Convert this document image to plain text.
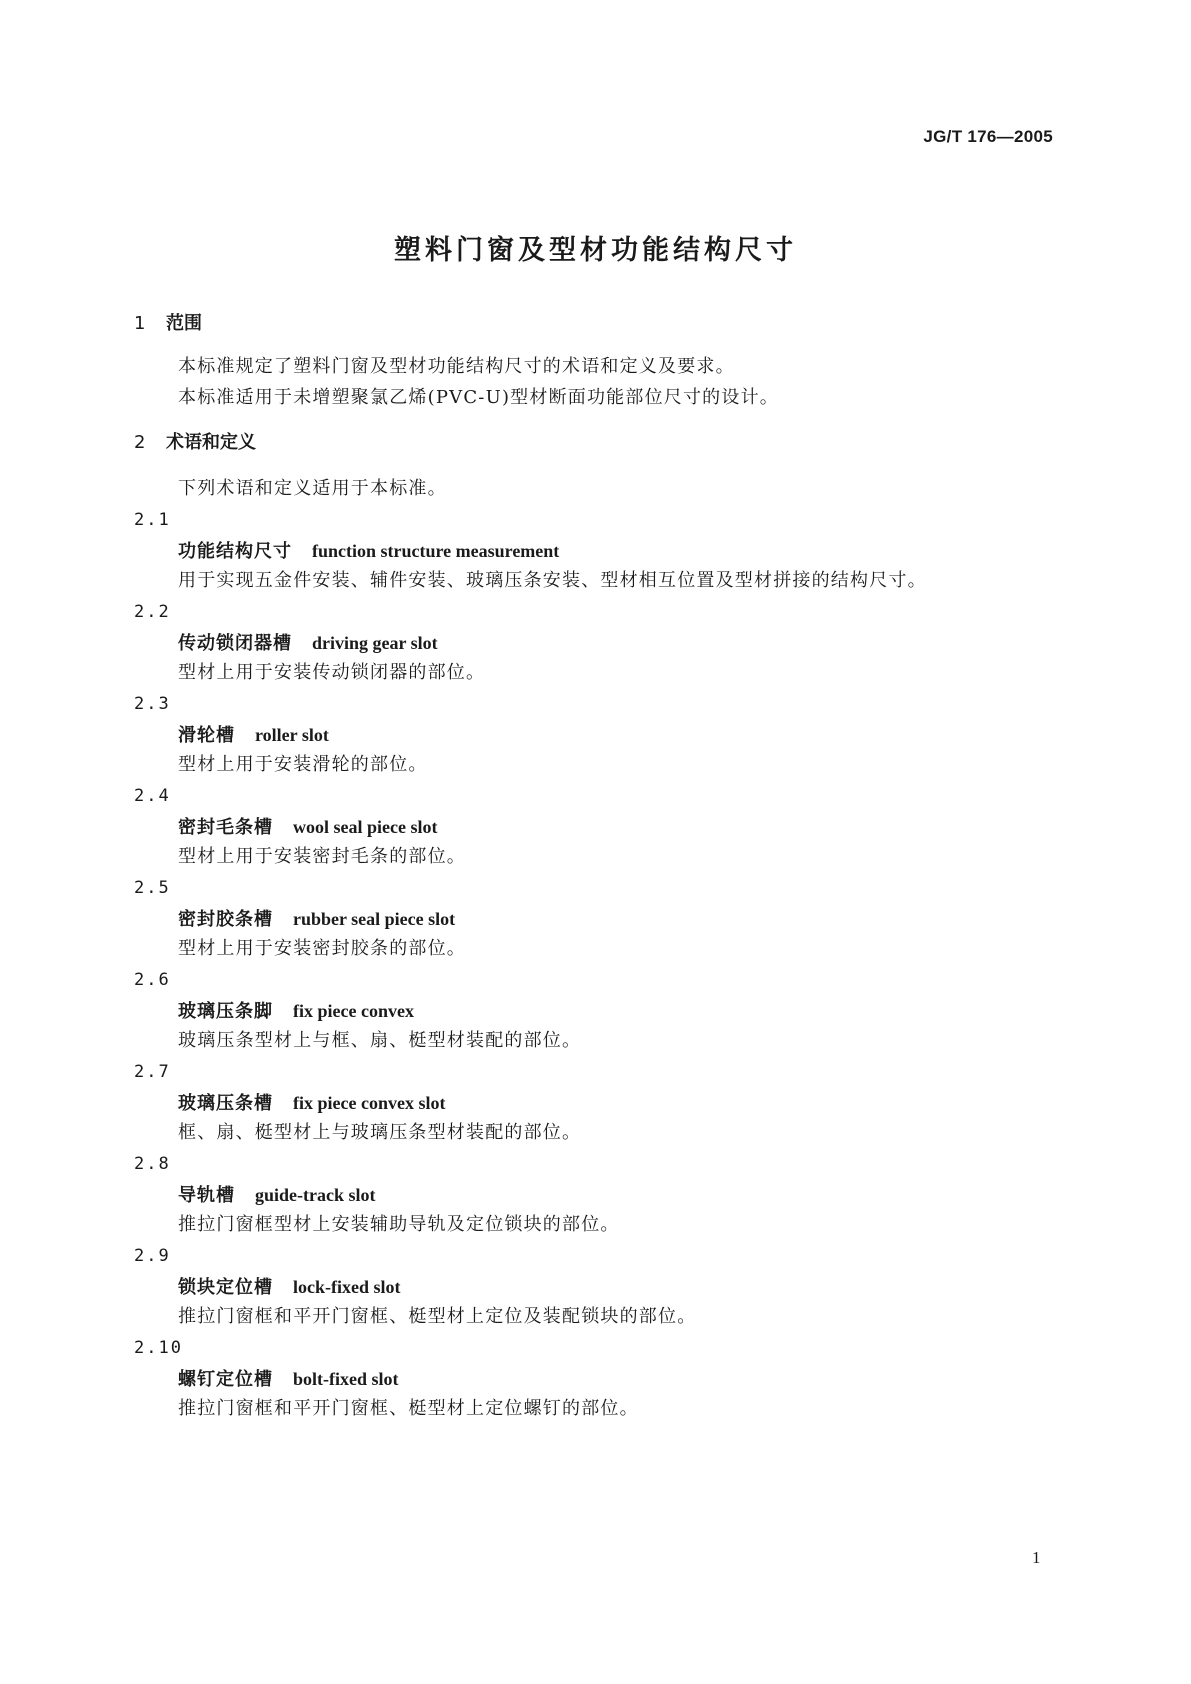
JG/T 176—2005
塑料门窗及型材功能结构尺寸
1 范围
本标准规定了塑料门窗及型材功能结构尺寸的术语和定义及要求。
本标准适用于未增塑聚氯乙烯(PVC-U)型材断面功能部位尺寸的设计。
2 术语和定义
下列术语和定义适用于本标准。
2.1
功能结构尺寸 function structure measurement
用于实现五金件安装、辅件安装、玻璃压条安装、型材相互位置及型材拼接的结构尺寸。
2.2
传动锁闭器槽 driving gear slot
型材上用于安装传动锁闭器的部位。
2.3
滑轮槽 roller slot
型材上用于安装滑轮的部位。
2.4
密封毛条槽 wool seal piece slot
型材上用于安装密封毛条的部位。
2.5
密封胶条槽 rubber seal piece slot
型材上用于安装密封胶条的部位。
2.6
玻璃压条脚 fix piece convex
玻璃压条型材上与框、扇、梃型材装配的部位。
2.7
玻璃压条槽 fix piece convex slot
框、扇、梃型材上与玻璃压条型材装配的部位。
2.8
导轨槽 guide-track slot
推拉门窗框型材上安装辅助导轨及定位锁块的部位。
2.9
锁块定位槽 lock-fixed slot
推拉门窗框和平开门窗框、梃型材上定位及装配锁块的部位。
2.10
螺钉定位槽 bolt-fixed slot
推拉门窗框和平开门窗框、梃型材上定位螺钉的部位。
1
